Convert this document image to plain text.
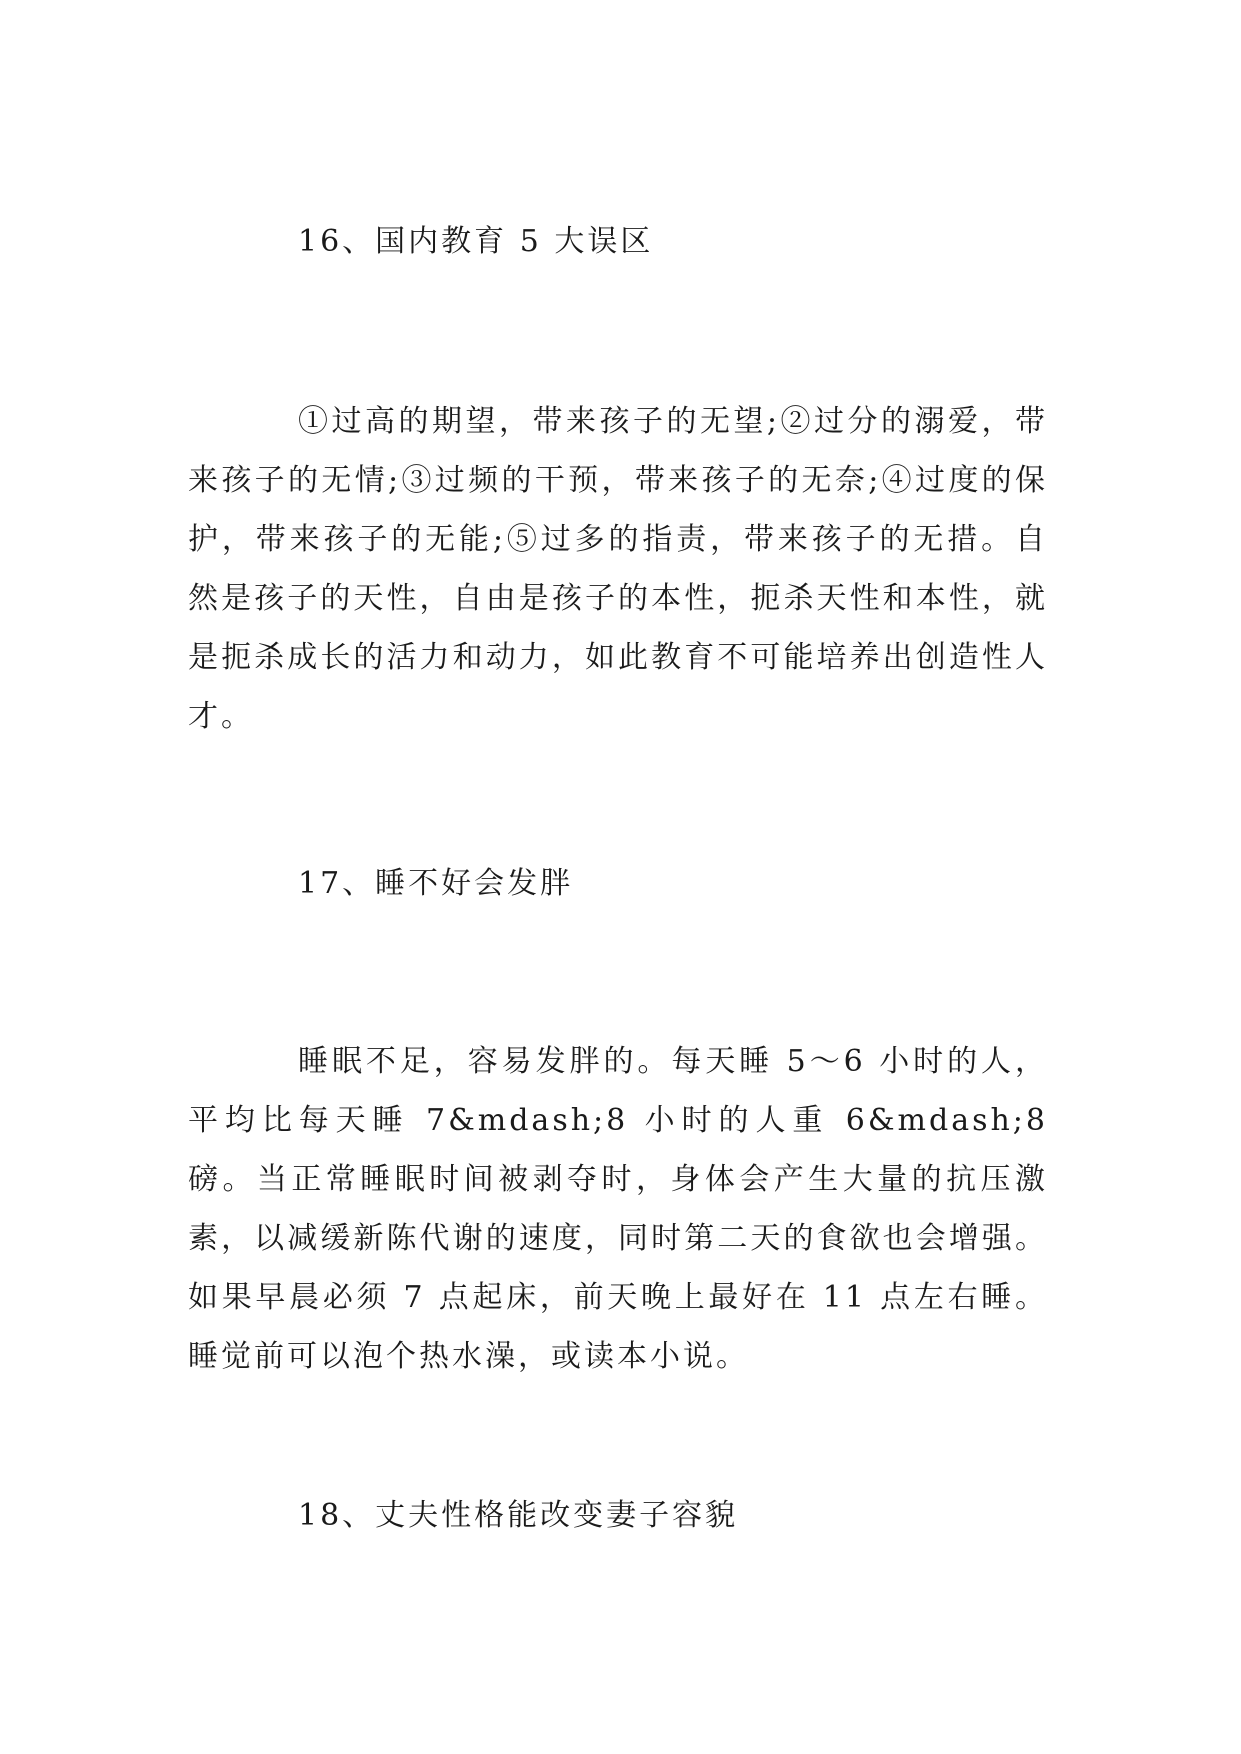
16、国内教育 5 大误区

①过高的期望，带来孩子的无望;②过分的溺爱，带来孩子的无情;③过频的干预，带来孩子的无奈;④过度的保护，带来孩子的无能;⑤过多的指责，带来孩子的无措。自然是孩子的天性，自由是孩子的本性，扼杀天性和本性，就是扼杀成长的活力和动力，如此教育不可能培养出创造性人才。

17、睡不好会发胖

睡眠不足，容易发胖的。每天睡 5～6 小时的人，平均比每天睡 7&mdash;8 小时的人重 6&mdash;8 磅。当正常睡眠时间被剥夺时，身体会产生大量的抗压激素，以减缓新陈代谢的速度，同时第二天的食欲也会增强。如果早晨必须 7 点起床，前天晚上最好在 11 点左右睡。睡觉前可以泡个热水澡，或读本小说。

18、丈夫性格能改变妻子容貌
